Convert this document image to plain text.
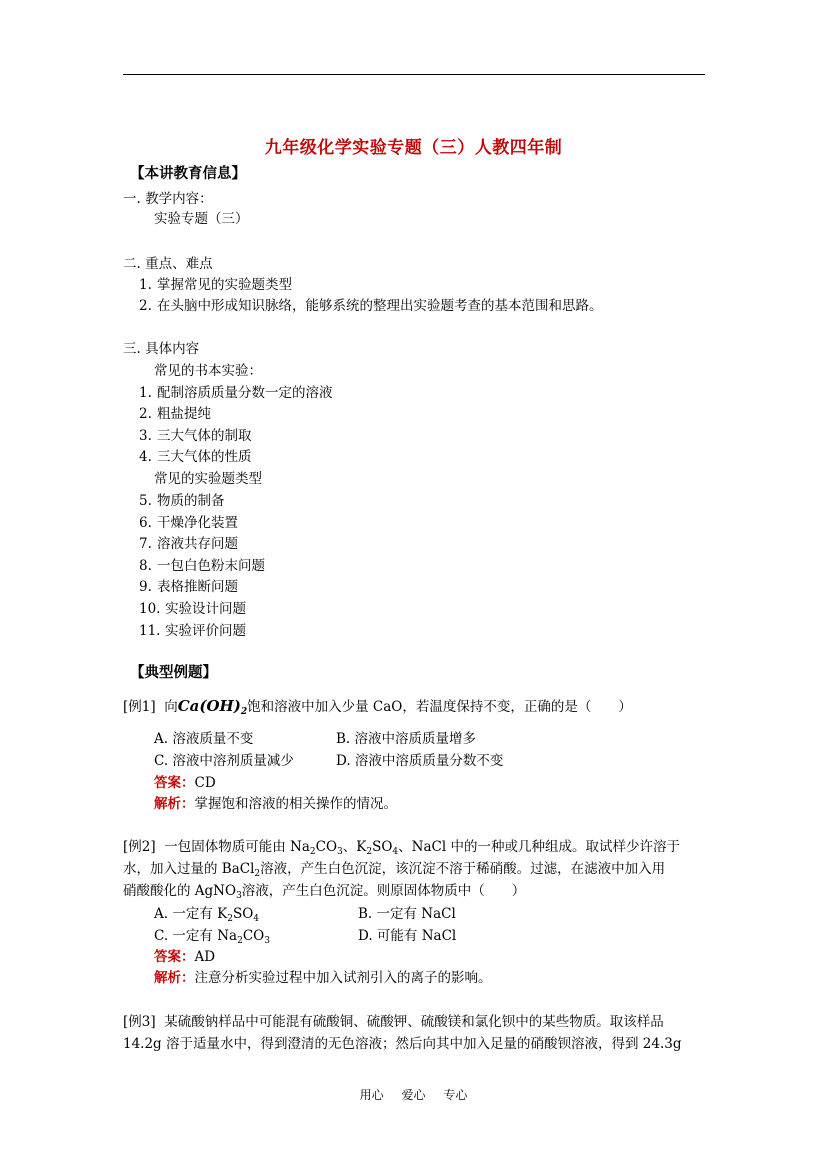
九年级化学实验专题（三）人教四年制
【本讲教育信息】
一. 教学内容：
实验专题（三）
二. 重点、难点
1. 掌握常见的实验题类型
2. 在头脑中形成知识脉络，能够系统的整理出实验题考查的基本范围和思路。
三. 具体内容
常见的书本实验：
1. 配制溶质质量分数一定的溶液
2. 粗盐提纯
3. 三大气体的制取
4. 三大气体的性质
常见的实验题类型
5. 物质的制备
6. 干燥净化装置
7. 溶液共存问题
8. 一包白色粉末问题
9. 表格推断问题
10. 实验设计问题
11. 实验评价问题
【典型例题】
[例1] 向$Ca(OH)_2$饱和溶液中加入少量 CaO，若温度保持不变，正确的是（　　）
A. 溶液质量不变	B. 溶液中溶质质量增多
C. 溶液中溶剂质量减少	D. 溶液中溶质质量分数不变
答案：CD
解析：掌握饱和溶液的相关操作的情况。
[例2] 一包固体物质可能由 $Na_2CO_3$、$K_2SO_4$、NaCl 中的一种或几种组成。取试样少许溶于
水，加入过量的 BaCl$_2$溶液，产生白色沉淀，该沉淀不溶于稀硝酸。过滤，在滤液中加入用
硝酸酸化的 AgNO$_3$溶液，产生白色沉淀。则原固体物质中（　　）
A. 一定有 $K_2SO_4$	B. 一定有 NaCl
C. 一定有 $Na_2CO_3$	D. 可能有 NaCl
答案：AD
解析：注意分析实验过程中加入试剂引入的离子的影响。
[例3] 某硫酸钠样品中可能混有硫酸铜、硫酸钾、硫酸镁和氯化钡中的某些物质。取该样品
14.2g 溶于适量水中，得到澄清的无色溶液；然后向其中加入足量的硝酸钡溶液，得到 24.3g
用心 爱心 专心
